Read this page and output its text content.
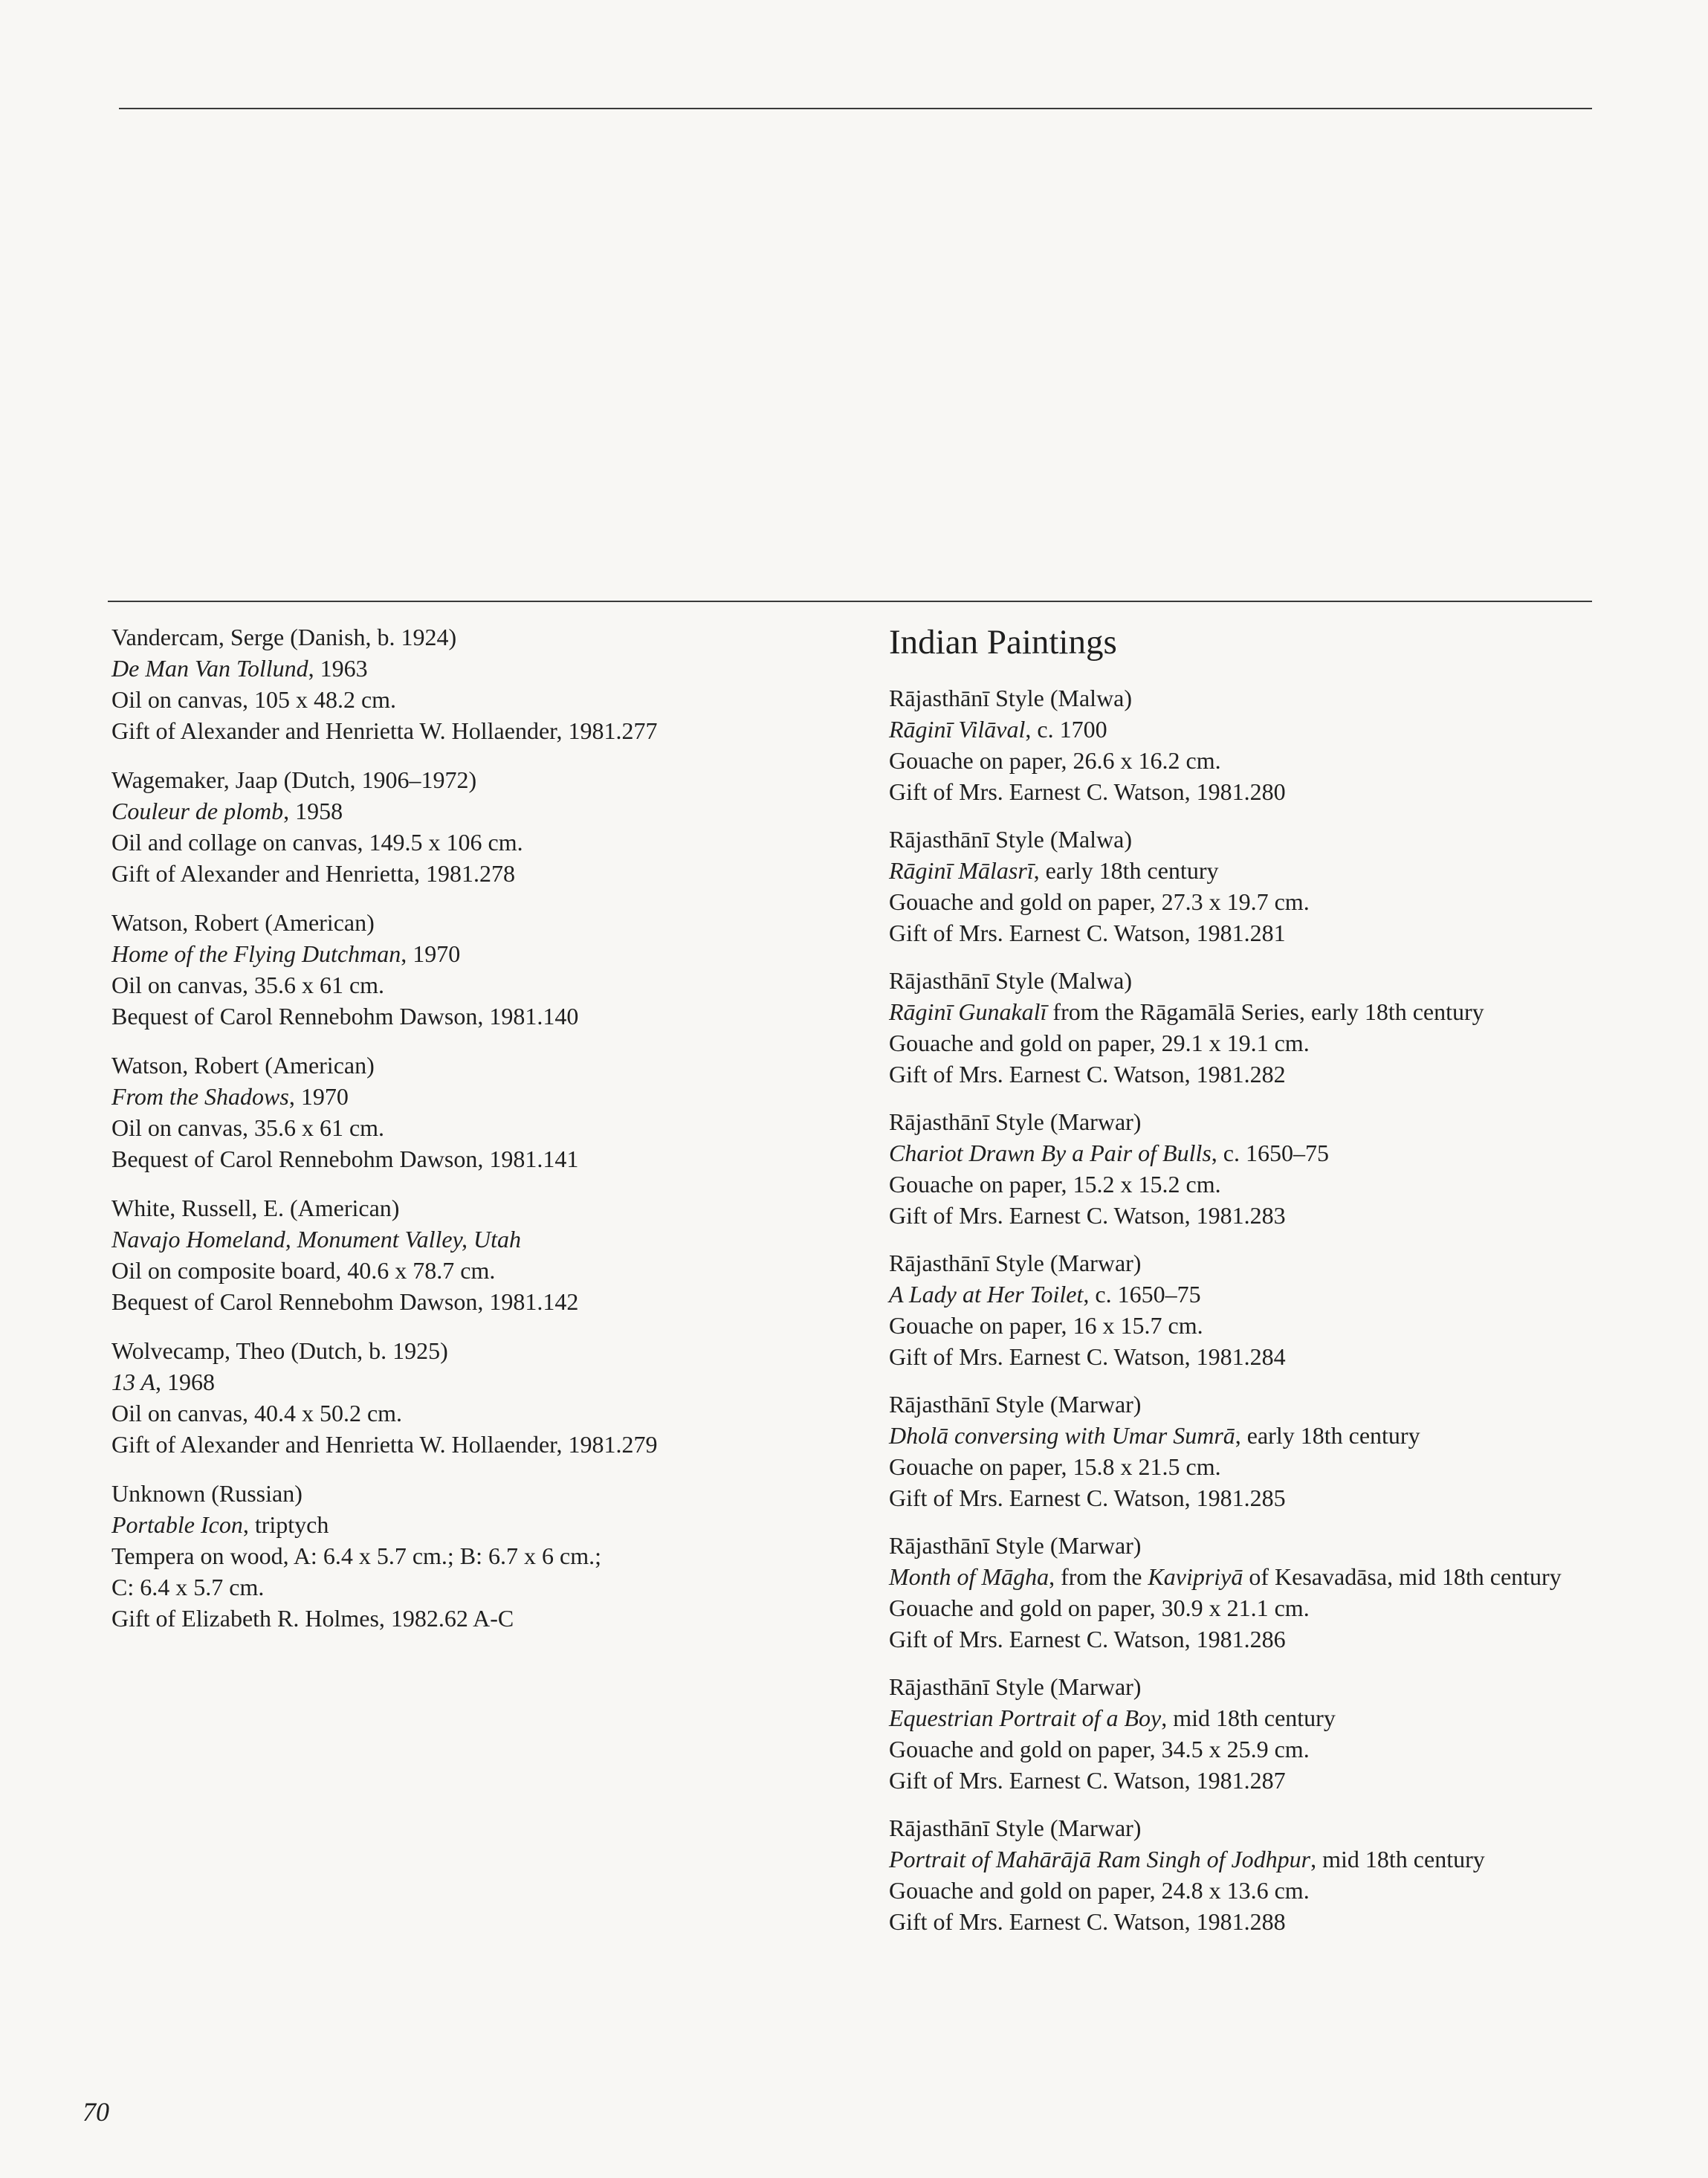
Vandercam, Serge (Danish, b. 1924)
De Man Van Tollund, 1963
Oil on canvas, 105 x 48.2 cm.
Gift of Alexander and Henrietta W. Hollaender, 1981.277
Wagemaker, Jaap (Dutch, 1906–1972)
Couleur de plomb, 1958
Oil and collage on canvas, 149.5 x 106 cm.
Gift of Alexander and Henrietta, 1981.278
Watson, Robert (American)
Home of the Flying Dutchman, 1970
Oil on canvas, 35.6 x 61 cm.
Bequest of Carol Rennebohm Dawson, 1981.140
Watson, Robert (American)
From the Shadows, 1970
Oil on canvas, 35.6 x 61 cm.
Bequest of Carol Rennebohm Dawson, 1981.141
White, Russell, E. (American)
Navajo Homeland, Monument Valley, Utah
Oil on composite board, 40.6 x 78.7 cm.
Bequest of Carol Rennebohm Dawson, 1981.142
Wolvecamp, Theo (Dutch, b. 1925)
13 A, 1968
Oil on canvas, 40.4 x 50.2 cm.
Gift of Alexander and Henrietta W. Hollaender, 1981.279
Unknown (Russian)
Portable Icon, triptych
Tempera on wood, A: 6.4 x 5.7 cm.; B: 6.7 x 6 cm.;
C: 6.4 x 5.7 cm.
Gift of Elizabeth R. Holmes, 1982.62 A-C
Indian Paintings
Rājasthānī Style (Malwa)
Rāginī Vilāval, c. 1700
Gouache on paper, 26.6 x 16.2 cm.
Gift of Mrs. Earnest C. Watson, 1981.280
Rājasthānī Style (Malwa)
Rāginī Mālasrī, early 18th century
Gouache and gold on paper, 27.3 x 19.7 cm.
Gift of Mrs. Earnest C. Watson, 1981.281
Rājasthānī Style (Malwa)
Rāginī Gunakalī from the Rāgamālā Series, early 18th century
Gouache and gold on paper, 29.1 x 19.1 cm.
Gift of Mrs. Earnest C. Watson, 1981.282
Rājasthānī Style (Marwar)
Chariot Drawn By a Pair of Bulls, c. 1650–75
Gouache on paper, 15.2 x 15.2 cm.
Gift of Mrs. Earnest C. Watson, 1981.283
Rājasthānī Style (Marwar)
A Lady at Her Toilet, c. 1650–75
Gouache on paper, 16 x 15.7 cm.
Gift of Mrs. Earnest C. Watson, 1981.284
Rājasthānī Style (Marwar)
Dholā conversing with Umar Sumrā, early 18th century
Gouache on paper, 15.8 x 21.5 cm.
Gift of Mrs. Earnest C. Watson, 1981.285
Rājasthānī Style (Marwar)
Month of Māgha, from the Kavipriyā of Kesavadāsa, mid 18th century
Gouache and gold on paper, 30.9 x 21.1 cm.
Gift of Mrs. Earnest C. Watson, 1981.286
Rājasthānī Style (Marwar)
Equestrian Portrait of a Boy, mid 18th century
Gouache and gold on paper, 34.5 x 25.9 cm.
Gift of Mrs. Earnest C. Watson, 1981.287
Rājasthānī Style (Marwar)
Portrait of Mahārājā Ram Singh of Jodhpur, mid 18th century
Gouache and gold on paper, 24.8 x 13.6 cm.
Gift of Mrs. Earnest C. Watson, 1981.288
70
